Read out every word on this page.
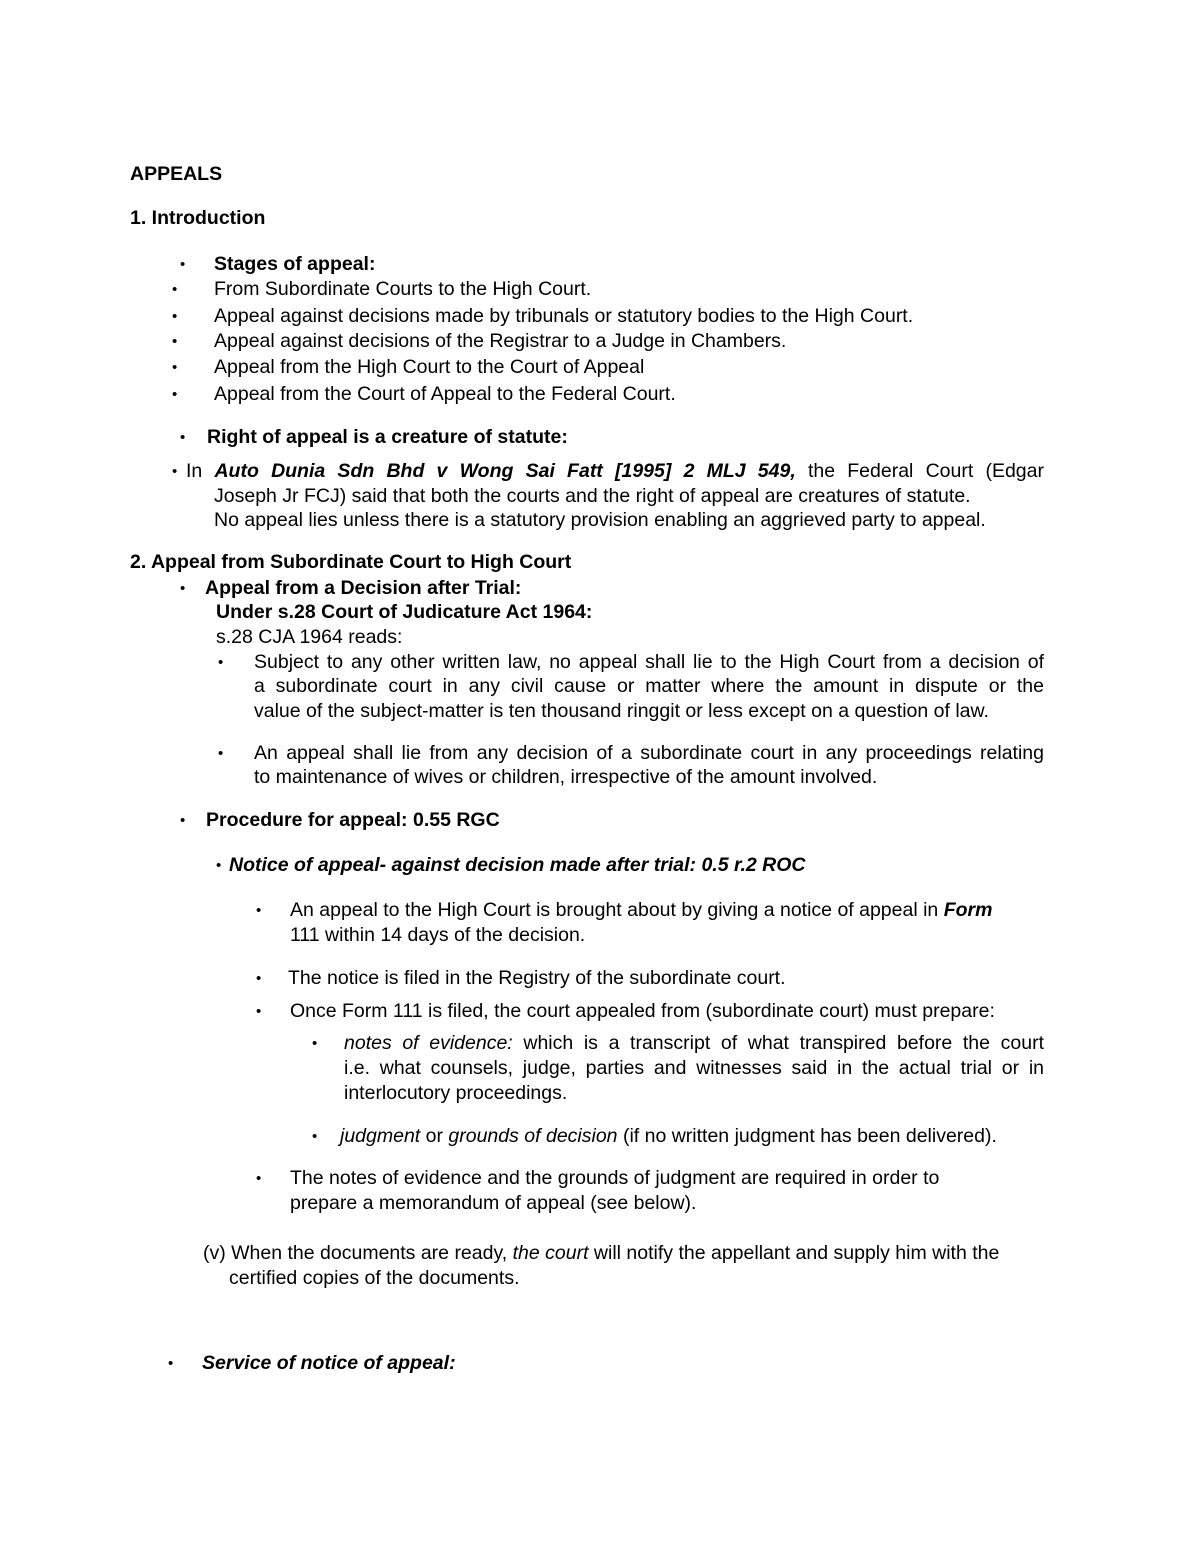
APPEALS
1. Introduction
• Stages of appeal:
• From Subordinate Courts to the High Court.
• Appeal against decisions made by tribunals or statutory bodies to the High Court.
• Appeal against decisions of the Registrar to a Judge in Chambers.
• Appeal from the High Court to the Court of Appeal
• Appeal from the Court of Appeal to the Federal Court.
• Right of appeal is a creature of statute:
• In Auto Dunia Sdn Bhd v Wong Sai Fatt [1995] 2 MLJ 549, the Federal Court (Edgar
Joseph Jr FCJ) said that both the courts and the right of appeal are creatures of statute.
No appeal lies unless there is a statutory provision enabling an aggrieved party to appeal.
2. Appeal from Subordinate Court to High Court
• Appeal from a Decision after Trial:
Under s.28 Court of Judicature Act 1964:
s.28 CJA 1964 reads:
• Subject to any other written law, no appeal shall lie to the High Court from a decision of
a subordinate court in any civil cause or matter where the amount in dispute or the
value of the subject-matter is ten thousand ringgit or less except on a question of law.
• An appeal shall lie from any decision of a subordinate court in any proceedings relating
to maintenance of wives or children, irrespective of the amount involved.
• Procedure for appeal: 0.55 RGC
• Notice of appeal- against decision made after trial: 0.5 r.2 ROC
• An appeal to the High Court is brought about by giving a notice of appeal in Form
111 within 14 days of the decision.
• The notice is filed in the Registry of the subordinate court.
• Once Form 111 is filed, the court appealed from (subordinate court) must prepare:
• notes of evidence: which is a transcript of what transpired before the court
i.e. what counsels, judge, parties and witnesses said in the actual trial or in
interlocutory proceedings.
• judgment or grounds of decision (if no written judgment has been delivered).
• The notes of evidence and the grounds of judgment are required in order to
prepare a memorandum of appeal (see below).
(v) When the documents are ready, the court will notify the appellant and supply him with the
certified copies of the documents.
• Service of notice of appeal:
